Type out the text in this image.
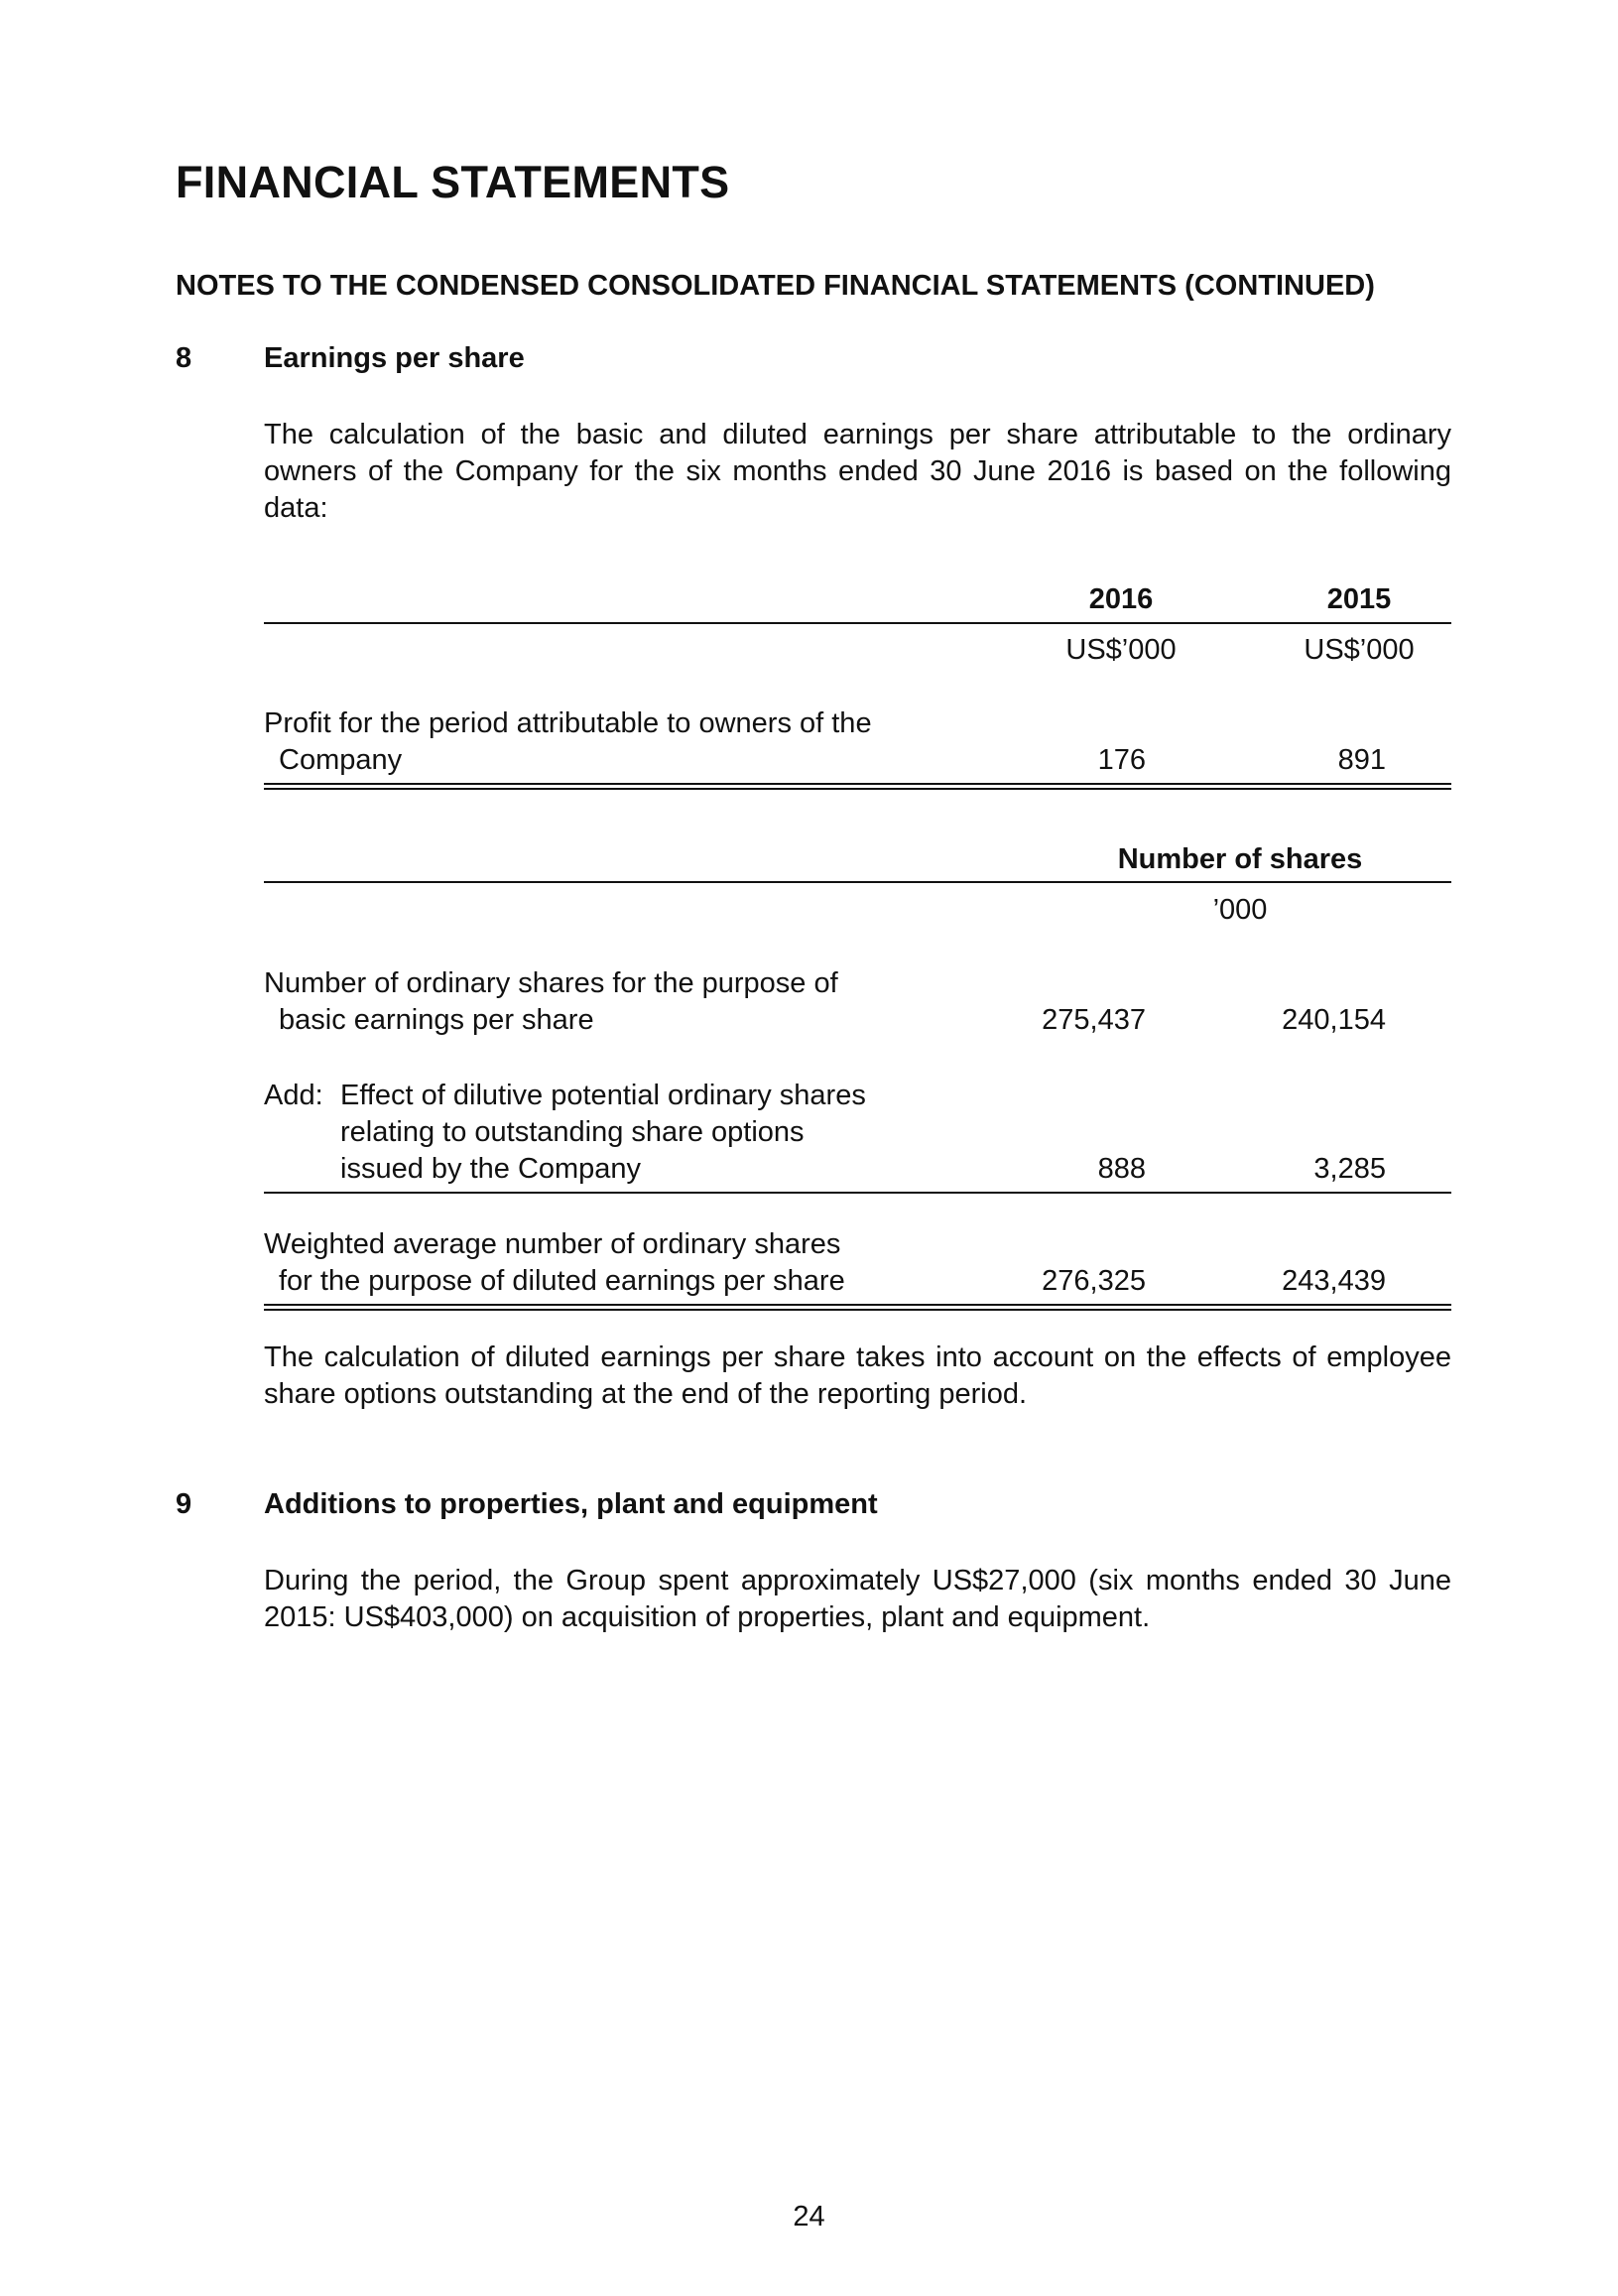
FINANCIAL STATEMENTS
NOTES TO THE CONDENSED CONSOLIDATED FINANCIAL STATEMENTS (CONTINUED)
8	Earnings per share

The calculation of the basic and diluted earnings per share attributable to the ordinary owners of the Company for the six months ended 30 June 2016 is based on the following data:

2016	2015
US$’000	US$’000
Profit for the period attributable to owners of the
Company	176	891
Number of shares
’000
Number of ordinary shares for the purpose of
basic earnings per share	275,437	240,154
Add: Effect of dilutive potential ordinary shares
relating to outstanding share options
issued by the Company	888	3,285
Weighted average number of ordinary shares
for the purpose of diluted earnings per share	276,325	243,439

The calculation of diluted earnings per share takes into account on the effects of employee share options outstanding at the end of the reporting period.

9	Additions to properties, plant and equipment

During the period, the Group spent approximately US$27,000 (six months ended 30 June 2015: US$403,000) on acquisition of properties, plant and equipment.

24
